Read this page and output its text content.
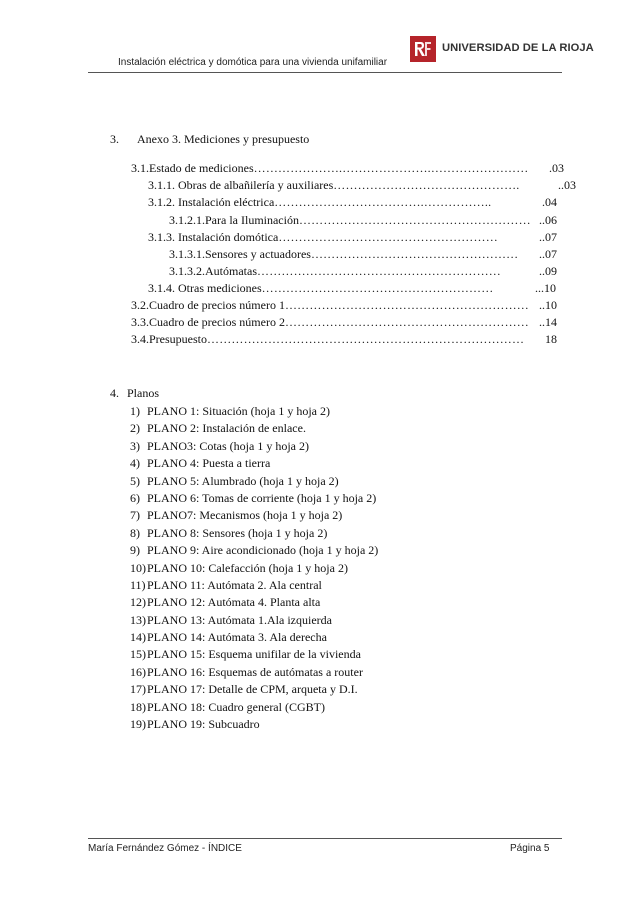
Instalación eléctrica y domótica para una vivienda unifamiliar
UNIVERSIDAD DE LA RIOJA
3. Anexo 3. Mediciones y presupuesto
3.1.Estado de mediciones ………………….………………….……………………	.03
3.1.1. Obras de albañilería y auxiliares ……………………………………….	..03
3.1.2. Instalación eléctrica ……………………………….……………..	.04
3.1.2.1.Para la Iluminación ………………………………………………… ..06
3.1.3. Instalación domótica ………………………………………………	..07
3.1.3.1.Sensores y actuadores ……………………………………………	..07
3.1.3.2.Autómatas ……………………………………………………	..09
3.1.4. Otras mediciones …………………………………………………	...10
3.2.Cuadro de precios número 1 …………………………………………………… ..10
3.3.Cuadro de precios número 2 …………………………………………………… ..14
3.4.Presupuesto ……………………………………………………………………	18
4. Planos
1) PLANO 1: Situación (hoja 1 y hoja 2)
2) PLANO 2: Instalación de enlace.
3) PLANO3: Cotas (hoja 1 y hoja 2)
4) PLANO 4: Puesta a tierra
5) PLANO 5: Alumbrado (hoja 1 y hoja 2)
6) PLANO 6: Tomas de corriente (hoja 1 y hoja 2)
7) PLANO7: Mecanismos (hoja 1 y hoja 2)
8) PLANO 8: Sensores (hoja 1 y hoja 2)
9) PLANO 9: Aire acondicionado (hoja 1 y hoja 2)
10) PLANO 10: Calefacción (hoja 1 y hoja 2)
11) PLANO 11: Autómata 2. Ala central
12) PLANO 12: Autómata 4. Planta alta
13) PLANO 13: Autómata 1.Ala izquierda
14) PLANO 14: Autómata 3. Ala derecha
15) PLANO 15: Esquema unifilar de la vivienda
16) PLANO 16: Esquemas de autómatas a router
17) PLANO 17: Detalle de CPM, arqueta y D.I.
18) PLANO 18: Cuadro general (CGBT)
19) PLANO 19: Subcuadro
María Fernández Gómez - ÍNDICE	Página 5
